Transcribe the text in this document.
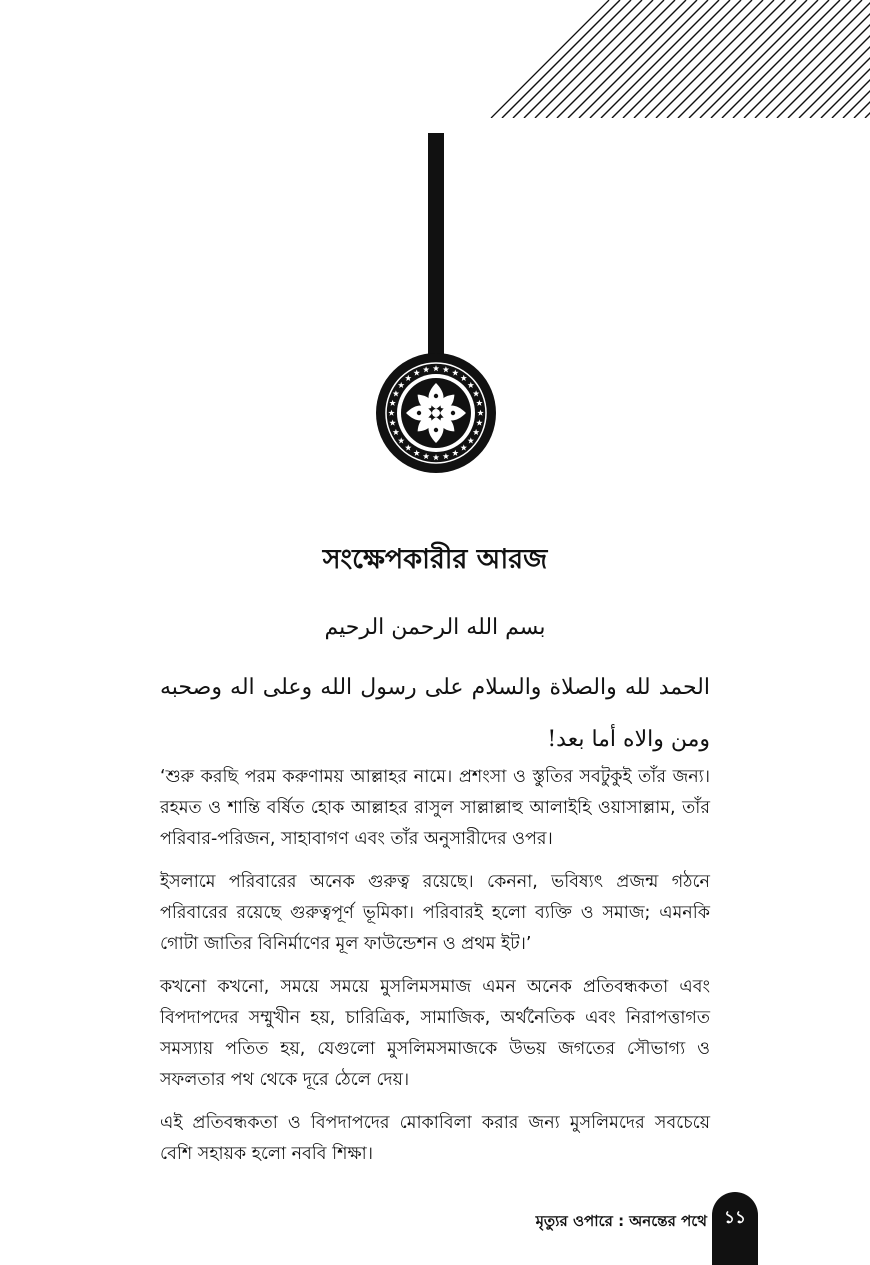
সংক্ষেপকারীর আরজ

بسم الله الرحمن الرحيم

الحمد لله والصلاة والسلام على رسول الله وعلى اله وصحبه ومن والاه أما بعد!

‘শুরু করছি পরম করুণাময় আল্লাহর নামে। প্রশংসা ও স্তুতির সবটুকুই তাঁর জন্য। রহমত ও শান্তি বর্ষিত হোক আল্লাহর রাসুল সাল্লাল্লাহু আলাইহি ওয়াসাল্লাম, তাঁর পরিবার-পরিজন, সাহাবাগণ এবং তাঁর অনুসারীদের ওপর।

ইসলামে পরিবারের অনেক গুরুত্ব রয়েছে। কেননা, ভবিষ্যৎ প্রজন্ম গঠনে পরিবারের রয়েছে গুরুত্বপূর্ণ ভূমিকা। পরিবারই হলো ব্যক্তি ও সমাজ; এমনকি গোটা জাতির বিনির্মাণের মূল ফাউন্ডেশন ও প্রথম ইট।’

কখনো কখনো, সময়ে সময়ে মুসলিমসমাজ এমন অনেক প্রতিবন্ধকতা এবং বিপদাপদের সম্মুখীন হয়, চারিত্রিক, সামাজিক, অর্থনৈতিক এবং নিরাপত্তাগত সমস্যায় পতিত হয়, যেগুলো মুসলিমসমাজকে উভয় জগতের সৌভাগ্য ও সফলতার পথ থেকে দূরে ঠেলে দেয়।

এই প্রতিবন্ধকতা ও বিপদাপদের মোকাবিলা করার জন্য মুসলিমদের সবচেয়ে বেশি সহায়ক হলো নববি শিক্ষা।

মৃত্যুর ওপারে : অনন্তের পথে ১১
